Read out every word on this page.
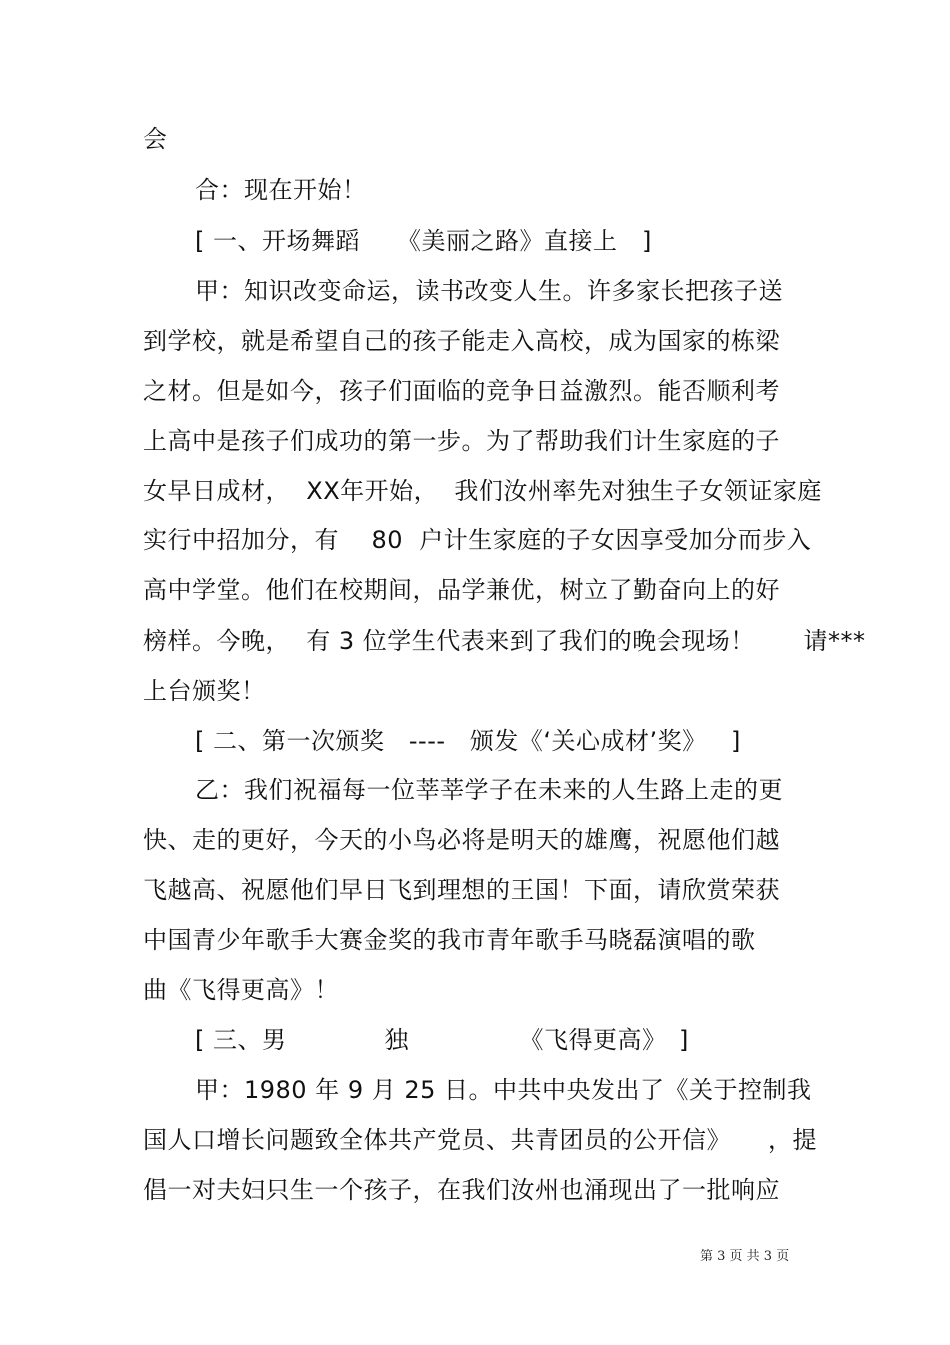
会
合：现在开始！
[ 一、开场舞蹈　　《美丽之路》直接上　]
甲：知识改变命运，读书改变人生。许多家长把孩子送
到学校，就是希望自己的孩子能走入高校，成为国家的栋梁
之材。但是如今，孩子们面临的竞争日益激烈。能否顺利考
上高中是孩子们成功的第一步。为了帮助我们计生家庭的子
女早日成材，  XX年开始，  我们汝州率先对独生子女领证家庭
实行中招加分，有    80  户计生家庭的子女因享受加分而步入
高中学堂。他们在校期间，品学兼优，树立了勤奋向上的好
榜样。今晚，  有 3 位学生代表来到了我们的晚会现场！      请***
上台颁奖！
[ 二、第一次颁奖   ----   颁发《‘关心成材’奖》   ]
乙：我们祝福每一位莘莘学子在未来的人生路上走的更
快、走的更好，今天的小鸟必将是明天的雄鹰，祝愿他们越
飞越高、祝愿他们早日飞到理想的王国！下面，请欣赏荣获
中国青少年歌手大赛金奖的我市青年歌手马晓磊演唱的歌
曲《飞得更高》！
[ 三、男　　　　独　　　　　《飞得更高》　]
甲：1980 年 9 月 25 日。中共中央发出了《关于控制我
国人口增长问题致全体共产党员、共青团员的公开信》　　，提
倡一对夫妇只生一个孩子，在我们汝州也涌现出了一批响应
第 3 页 共 3 页
